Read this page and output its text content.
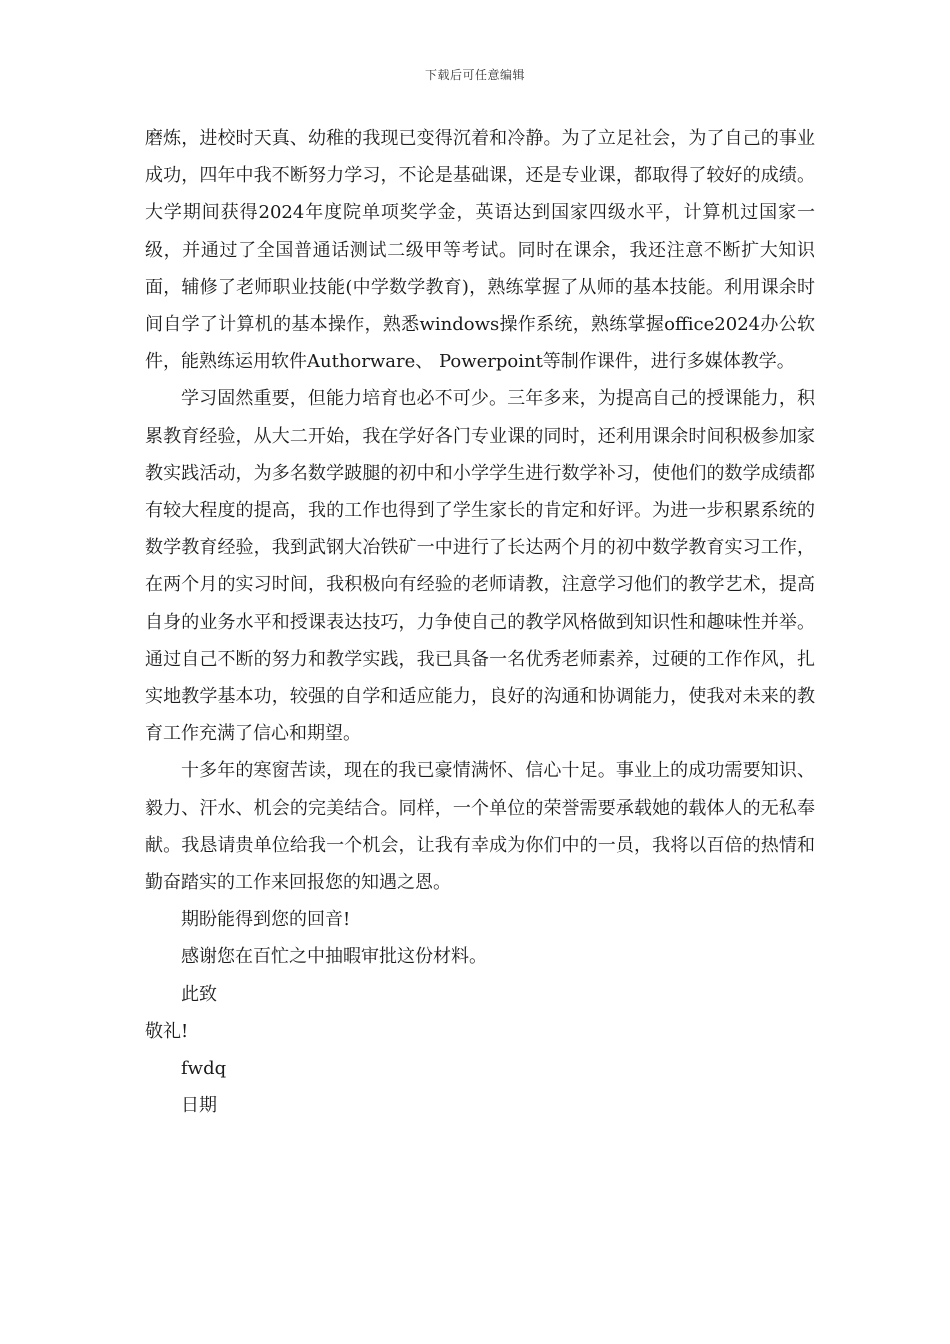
下载后可任意编辑

磨炼，进校时天真、幼稚的我现已变得沉着和冷静。为了立足社会，为了自己的事业成功，四年中我不断努力学习，不论是基础课，还是专业课，都取得了较好的成绩。大学期间获得2024年度院单项奖学金，英语达到国家四级水平，计算机过国家一级，并通过了全国普通话测试二级甲等考试。同时在课余，我还注意不断扩大知识面，辅修了老师职业技能(中学数学教育)，熟练掌握了从师的基本技能。利用课余时间自学了计算机的基本操作，熟悉windows操作系统，熟练掌握office2024办公软件，能熟练运用软件Authorware、 Powerpoint等制作课件，进行多媒体教学。

学习固然重要，但能力培育也必不可少。三年多来，为提高自己的授课能力，积累教育经验，从大二开始，我在学好各门专业课的同时，还利用课余时间积极参加家教实践活动，为多名数学跛腿的初中和小学学生进行数学补习，使他们的数学成绩都有较大程度的提高，我的工作也得到了学生家长的肯定和好评。为进一步积累系统的数学教育经验，我到武钢大冶铁矿一中进行了长达两个月的初中数学教育实习工作，在两个月的实习时间，我积极向有经验的老师请教，注意学习他们的教学艺术，提高自身的业务水平和授课表达技巧，力争使自己的教学风格做到知识性和趣味性并举。通过自己不断的努力和教学实践，我已具备一名优秀老师素养，过硬的工作作风，扎实地教学基本功，较强的自学和适应能力，良好的沟通和协调能力，使我对未来的教育工作充满了信心和期望。

十多年的寒窗苦读，现在的我已豪情满怀、信心十足。事业上的成功需要知识、毅力、汗水、机会的完美结合。同样，一个单位的荣誉需要承载她的载体人的无私奉献。我恳请贵单位给我一个机会，让我有幸成为你们中的一员，我将以百倍的热情和勤奋踏实的工作来回报您的知遇之恩。

期盼能得到您的回音!

感谢您在百忙之中抽暇审批这份材料。

此致

敬礼!

fwdq

日期
